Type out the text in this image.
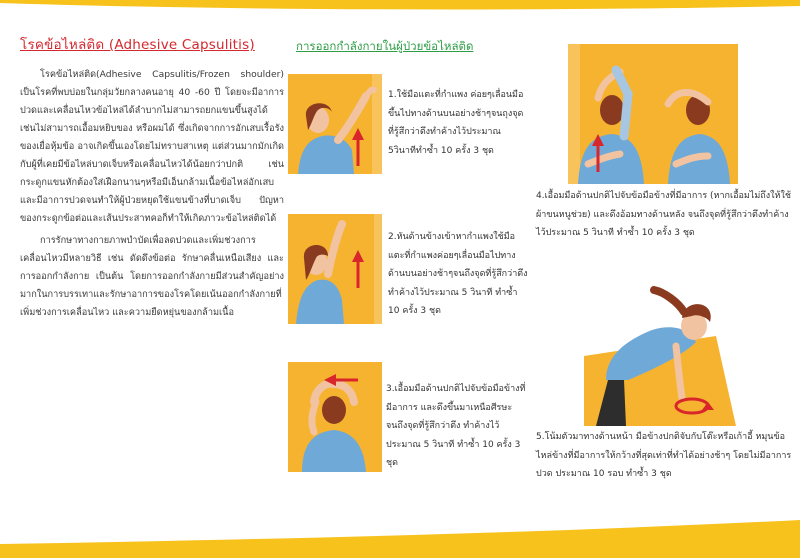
โรคข้อไหล่ติด (Adhesive Capsulitis)

โรคข้อไหล่ติด(Adhesive Capsulitis/Frozen shoulder) เป็นโรคที่พบบ่อยในกลุ่มวัยกลางคนอายุ 40 -60 ปี โดยจะมีอาการปวดและเคลื่อนไหวข้อไหล่ได้ลำบากไม่สามารถยกแขนขึ้นสูงได้ เช่นไม่สามารถเอื้อมหยิบของ หรือผมได้ ซึ่งเกิดจากการอักเสบเรื้อรังของเยื่อหุ้มข้อ อาจเกิดขึ้นเองโดยไม่ทราบสาเหตุ แต่ส่วนมากมักเกิดกับผู้ที่เคยมีข้อไหล่บาดเจ็บหรือเคลื่อนไหวได้น้อยกว่าปกติ เช่น กระดูกแขนหักต้องใส่เฝือกนานๆหรือมีเอ็นกล้ามเนื้อข้อไหล่อักเสบและมีอาการปวดจนทำให้ผู้ป่วยหยุดใช้แขนข้างที่บาดเจ็บ ปัญหาของกระดูกข้อต่อและเส้นประสาทคอก็ทำให้เกิดภาวะข้อไหล่ติดได้

การรักษาทางกายภาพบำบัดเพื่อลดปวดและเพิ่มช่วงการเคลื่อนไหวมีหลายวิธี เช่น ดัดดึงข้อต่อ รักษาคลื่นเหนือเสียง และการออกกำลังกาย เป็นต้น โดยการออกกำลังกายมีส่วนสำคัญอย่างมากในการบรรเทาและรักษาอาการของโรคโดยเน้นออกกำลังกายที่เพิ่มช่วงการเคลื่อนไหว และความยืดหยุ่นของกล้ามเนื้อ

การออกกำลังกายในผู้ป่วยข้อไหล่ติด
1.ใช้มือแตะที่กำแพง ค่อยๆเลื่อนมือขึ้นไปทางด้านบนอย่างช้าๆจนถุงจุดที่รู้สึกว่าตึงทำค้างไว้ประมาณ 5วินาทีทำซ้ำ 10 ครั้ง 3 ชุด
2.หันด้านข้างเข้าหากำแพงใช้มือแตะที่กำแพงค่อยๆเลื่อนมือไปทางด้านบนอย่างช้าๆจนถึงจุดที่รู้สึกว่าตึงทำค้างไว้ประมาณ 5 วินาที ทำซ้ำ 10 ครั้ง 3 ชุด
3.เอื้อมมือด้านปกติไปจับข้อมือข้างที่มีอาการ และดึงขึ้นมาเหนือศีรษะจนถึงจุดที่รู้สึกว่าตึง ทำค้างไว้ประมาณ 5 วินาที ทำซ้ำ 10 ครั้ง 3 ชุด
4.เอื้อมมือด้านปกติไปจับข้อมือข้างที่มีอาการ (หากเอื้อมไม่ถึงให้ใช้ผ้าขนหนูช่วย) และดึงอ้อมทางด้านหลัง จนถึงจุดที่รู้สึกว่าตึงทำค้างไว้ประมาณ 5 วินาที ทำซ้ำ 10 ครั้ง 3 ชุด
5.โน้มตัวมาทางด้านหน้า มือข้างปกติจับกับโต๊ะหรือเก้าอี้ หมุนข้อไหล่ข้างที่มีอาการให้กว้างที่สุดเท่าที่ทำได้อย่างช้าๆ โดยไม่มีอาการปวด ประมาณ 10 รอบ ทำซ้ำ 3 ชุด
